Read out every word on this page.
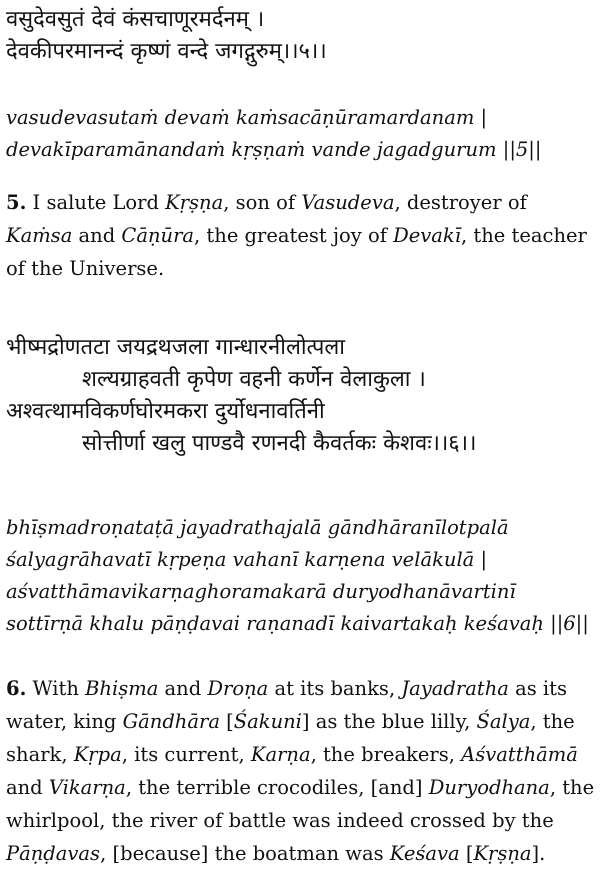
वसुदेवसुतं देवं कंसचाणूरमर्दनम् ।

देवकीपरमानन्दं कृष्णं वन्दे जगद्गुरुम्।।५।।

vasudevasutaṁ devaṁ kaṁsacāṇūramardanam |

devakīparamānandaṁ kṛṣṇaṁ vande jagadgurum ||5||

5. I salute Lord Kṛṣṇa, son of Vasudeva, destroyer of Kaṁsa and Cāṇūra, the greatest joy of Devakī, the teacher of the Universe.

भीष्मद्रोणतटा जयद्रथजला गान्धारनीलोत्पला

शल्यग्राहवती कृपेण वहनी कर्णेन वेलाकुला ।

अश्वत्थामविकर्णघोरमकरा दुर्योधनावर्तिनी

सोत्तीर्णा खलु पाण्डवै रणनदी कैवर्तकः केशवः।।६।।

bhīṣmadroṇataṭā jayadrathajalā gāndhāranīlotpalā

śalyagrāhavatī kṛpeṇa vahanī karṇena velākulā |

aśvatthāmavikarṇaghoramakarā duryodhanāvartinī

sottīrṇā khalu pāṇḍavai raṇanadī kaivartakaḥ keśavaḥ ||6||

6. With Bhiṣma and Droṇa at its banks, Jayadratha as its water, king Gāndhāra [Śakuni] as the blue lilly, Śalya, the shark, Kṛpa, its current, Karṇa, the breakers, Aśvatthāmā and Vikarṇa, the terrible crocodiles, [and] Duryodhana, the whirlpool, the river of battle was indeed crossed by the Pāṇḍavas, [because] the boatman was Keśava [Kṛṣṇa].
